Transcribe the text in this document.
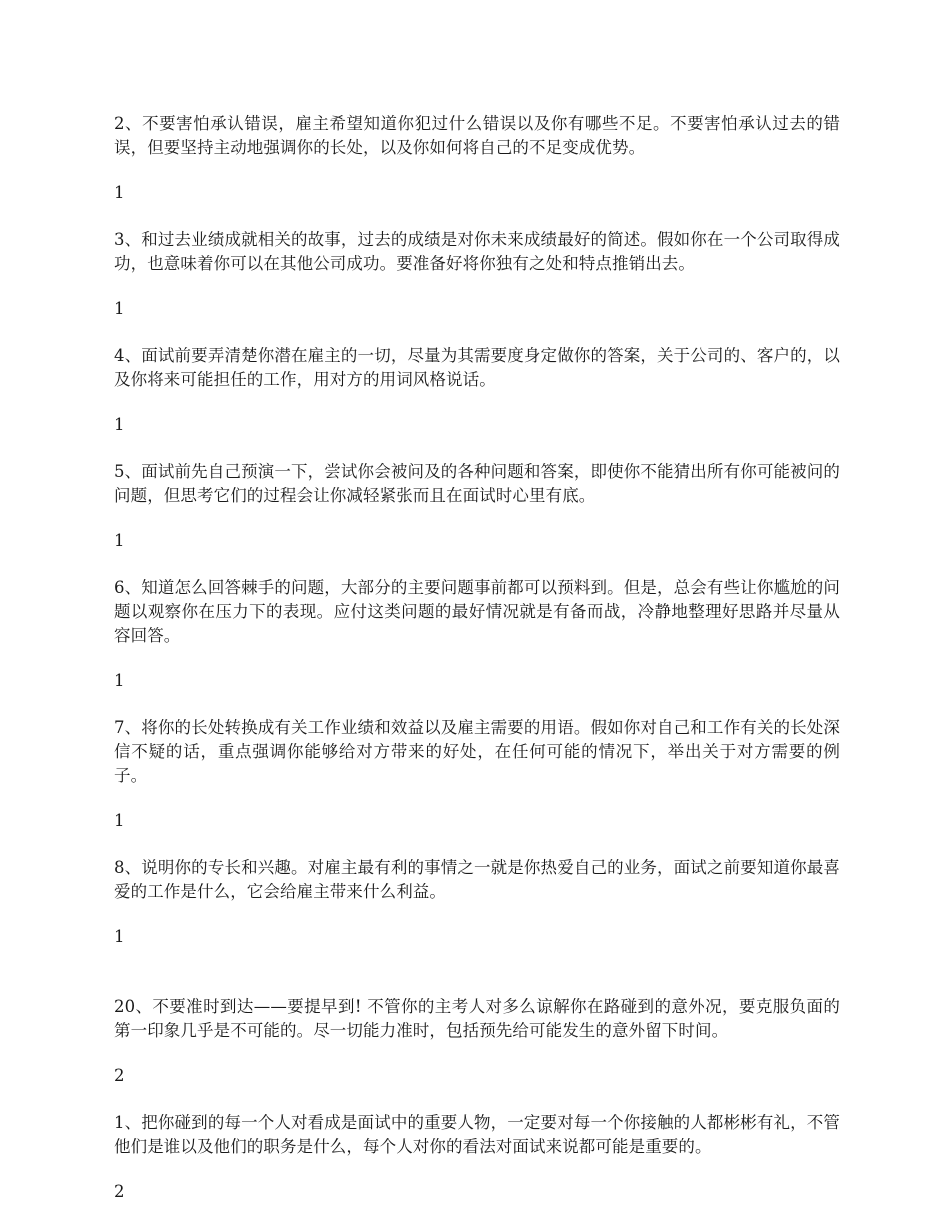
2、不要害怕承认错误，雇主希望知道你犯过什么错误以及你有哪些不足。不要害怕承认过去的错误，但要坚持主动地强调你的长处，以及你如何将自己的不足变成优势。

1

3、和过去业绩成就相关的故事，过去的成绩是对你未来成绩最好的简述。假如你在一个公司取得成功，也意味着你可以在其他公司成功。要准备好将你独有之处和特点推销出去。

1

4、面试前要弄清楚你潜在雇主的一切，尽量为其需要度身定做你的答案，关于公司的、客户的，以及你将来可能担任的工作，用对方的用词风格说话。

1

5、面试前先自己预演一下，尝试你会被问及的各种问题和答案，即使你不能猜出所有你可能被问的问题，但思考它们的过程会让你减轻紧张而且在面试时心里有底。

1

6、知道怎么回答棘手的问题，大部分的主要问题事前都可以预料到。但是，总会有些让你尴尬的问题以观察你在压力下的表现。应付这类问题的最好情况就是有备而战，冷静地整理好思路并尽量从容回答。

1

7、将你的长处转换成有关工作业绩和效益以及雇主需要的用语。假如你对自己和工作有关的长处深信不疑的话，重点强调你能够给对方带来的好处，在任何可能的情况下，举出关于对方需要的例子。

1

8、说明你的专长和兴趣。对雇主最有利的事情之一就是你热爱自己的业务，面试之前要知道你最喜爱的工作是什么，它会给雇主带来什么利益。

1

20、不要准时到达——要提早到! 不管你的主考人对多么谅解你在路碰到的意外况，要克服负面的第一印象几乎是不可能的。尽一切能力准时，包括预先给可能发生的意外留下时间。

2

1、把你碰到的每一个人对看成是面试中的重要人物，一定要对每一个你接触的人都彬彬有礼，不管他们是谁以及他们的职务是什么，每个人对你的看法对面试来说都可能是重要的。

2
